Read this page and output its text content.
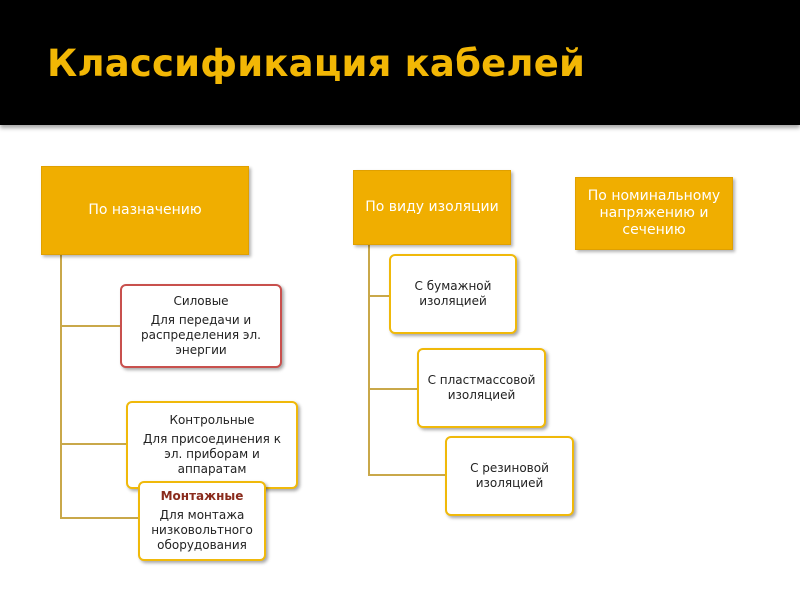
Классификация кабелей
По назначению
Силовые
Для передачи и распределения эл. энергии
Контрольные
Для присоединения к эл. приборам и аппаратам
Монтажные
Для монтажа низковольтного оборудования
По виду изоляции
С бумажной изоляцией
С пластмассовой изоляцией
С резиновой изоляцией
По номинальному напряжению и сечению
